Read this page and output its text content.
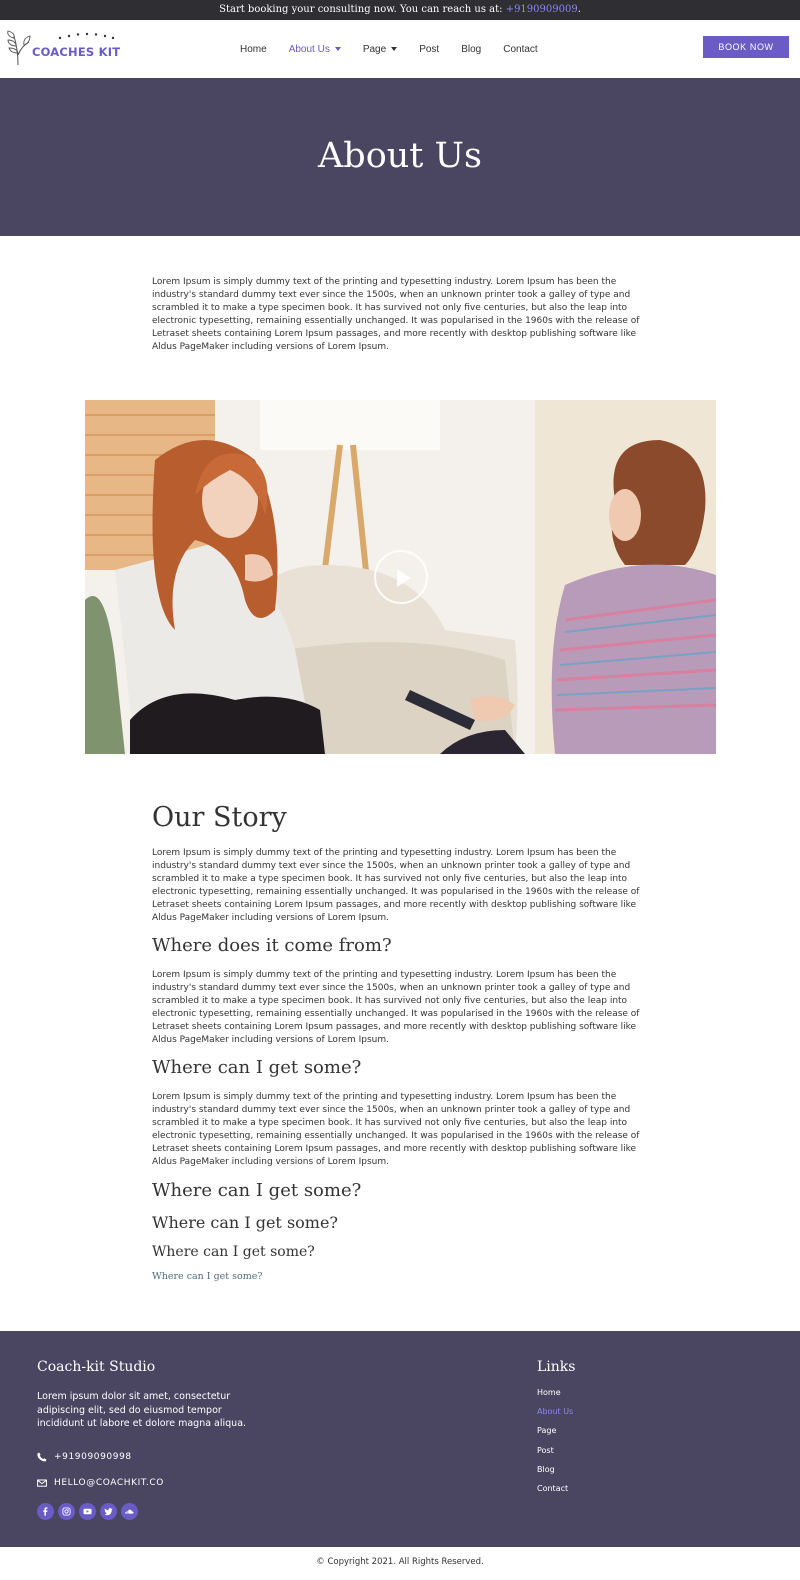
Start booking your consulting now. You can reach us at: +9190909009.
COACHES KIT	Home About Us	Page	Post Blog Contact	BOOK NOW
About Us

Lorem Ipsum is simply dummy text of the printing and typesetting industry. Lorem Ipsum has been the industry's standard dummy text ever since the 1500s, when an unknown printer took a galley of type and scrambled it to make a type specimen book. It has survived not only five centuries, but also the leap into electronic typesetting, remaining essentially unchanged. It was popularised in the 1960s with the release of Letraset sheets containing Lorem Ipsum passages, and more recently with desktop publishing software like Aldus PageMaker including versions of Lorem Ipsum.

Our Story

Lorem Ipsum is simply dummy text of the printing and typesetting industry. Lorem Ipsum has been the industry's standard dummy text ever since the 1500s, when an unknown printer took a galley of type and scrambled it to make a type specimen book. It has survived not only five centuries, but also the leap into electronic typesetting, remaining essentially unchanged. It was popularised in the 1960s with the release of Letraset sheets containing Lorem Ipsum passages, and more recently with desktop publishing software like Aldus PageMaker including versions of Lorem Ipsum.

Where does it come from?

Lorem Ipsum is simply dummy text of the printing and typesetting industry. Lorem Ipsum has been the industry's standard dummy text ever since the 1500s, when an unknown printer took a galley of type and scrambled it to make a type specimen book. It has survived not only five centuries, but also the leap into electronic typesetting, remaining essentially unchanged. It was popularised in the 1960s with the release of Letraset sheets containing Lorem Ipsum passages, and more recently with desktop publishing software like Aldus PageMaker including versions of Lorem Ipsum.

Where can I get some?

Lorem Ipsum is simply dummy text of the printing and typesetting industry. Lorem Ipsum has been the industry's standard dummy text ever since the 1500s, when an unknown printer took a galley of type and scrambled it to make a type specimen book. It has survived not only five centuries, but also the leap into electronic typesetting, remaining essentially unchanged. It was popularised in the 1960s with the release of Letraset sheets containing Lorem Ipsum passages, and more recently with desktop publishing software like Aldus PageMaker including versions of Lorem Ipsum.

Where can I get some?
Where can I get some?
Where can I get some?
Where can I get some?
Coach-kit Studio

Lorem ipsum dolor sit amet, consectetur adipiscing elit, sed do eiusmod tempor incididunt ut labore et dolore magna aliqua.

+91909090998
HELLO@COACHKIT.CO
Links
Home
About Us
Page
Post
Blog
Contact
© Copyright 2021. All Rights Reserved.
